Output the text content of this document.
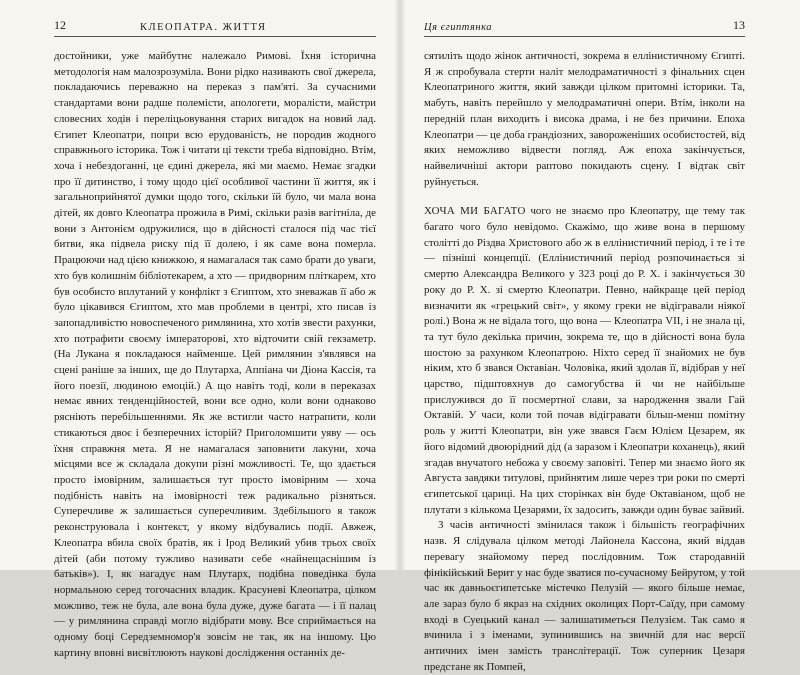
12	КЛЕОПАТРА. ЖИТТЯ

достойники, уже майбутнє належало Римові. Їхня історична методологія нам малозрозуміла. Вони рідко називають свої джерела, покладаючись переважно на переказ з пам'яті. За сучасними стандартами вони радше полемісти, апологети, моралісти, майстри словесних ходів і переліцьовування старих вигадок на новий лад. Єгипет Клеопатри, попри всю ерудованість, не породив жодного справжнього історика. Тож і читати ці тексти треба відповідно. Втім, хоча і небездоганні, це єдині джерела, які ми маємо. Немає згадки про її дитинство, і тому щодо цієї особливої частини її життя, як і загальноприйнятої думки щодо того, скільки їй було, чи мала вона дітей, як довго Клеопатра прожила в Римі, скільки разів вагітніла, де вони з Антонієм одружилися, що в дійсності сталося під час тієї битви, яка підвела риску під її долею, і як саме вона померла. Працюючи над цією книжкою, я намагалася так само брати до уваги, хто був колишнім бібліотекарем, а хто — придворним пліткарем, хто був особисто вплутаний у конфлікт з Єгиптом, хто зневажав її або ж було цікавився Єгиптом, хто мав проблеми в центрі, хто писав із запопадливістю новоспеченого римлянина, хто хотів звести рахунки, хто потрафити своєму імператорові, хто відточити свій гекзаметр. (На Лукана я покладаюся найменше. Цей римлянин з'являвся на сцені раніше за інших, ще до Плутарха, Аппіана чи Діона Кассія, та його поезії, людиною емоцій.) А що навіть тоді, коли в переказах немає явних тенденційностей, вони все одно, коли вони однаково рясніють перебільшеннями. Як же встигли часто натрапити, коли стикаються двоє і безперечних історій? Приголомшити уяву — ось їхня справжня мета. Я не намагалася заповнити лакуни, хоча місцями все ж складала докупи різні можливості. Те, що здається просто імовірним, залишається тут просто імовірним — хоча подібність навіть на імовірності теж радикально різняться. Суперечливе ж залишається суперечливим. Здебільшого я також реконструювала і контекст, у якому відбувались події. Авжеж, Клеопатра вбила своїх братів, як і Ірод Великий убив трьох своїх дітей (аби потому тужливо називати себе «найнещаснішим із батьків»). І, як нагадує нам Плутарх, подібна поведінка була нормальною серед тогочасних владик. Красуневі Клеопатра, цілком можливо, теж не була, але вона була дуже, дуже багата — і її палац — у римлянина справді могло відібрати мову. Все сприймається на одному боці Середземномор'я зовсім не так, як на іншому. Цю картину вповні висвітлюють наукові дослідження останніх де-

Ця єгиптянка	13

сятиліть щодо жінок античності, зокрема в еллінистичному Єгипті. Я ж спробувала стерти наліт мелодраматичності з фінальних сцен Клеопатриного життя, який завжди цілком притомні історики. Та, мабуть, навіть перейшло у мелодраматичні опери. Втім, інколи на передній план виходить і висока драма, і не без причини. Епоха Клеопатри — це доба грандіозних, завороженіших особистостей, від яких неможливо відвести погляд. Аж епоха закінчується, найвеличніші актори раптово покидають сцену. І відтак світ руйнується.

ХОЧА МИ БАГАТО чого не знаємо про Клеопатру, ще тему так багато чого було невідомо. Скажімо, що живе вона в першому столітті до Різдва Христового або ж в еллінистичний період, і те і те — пізніші концепції. (Еллінистичний період розпочинається зі смертю Александра Великого у 323 році до Р. Х. і закінчується 30 року до Р. Х. зі смертю Клеопатри. Певно, найкраще цей період визначити як «грецький світ», у якому греки не відігравали ніякої ролі.) Вона ж не відала того, що вона — Клеопатра VII, і не знала ці, та тут було декілька причин, зокрема те, що в дійсності вона була шостою за рахунком Клеопатрою. Ніхто серед її знайомих не був ніким, хто б звався Октавіан. Чоловіка, який здолав її, відібрав у неї царство, підштовхнув до самогубства й чи не найбільше прислужився до її посмертної слави, за народження звали Гай Октавій. У часи, коли той почав відігравати більш-менш помітну роль у житті Клеопатри, він уже звався Гаєм Юлієм Цезарем, як його відомий двоюрідний дід (а заразом і Клеопатри коханець), який згадав внучатого небожа у своєму заповіті. Тепер ми знаємо його як Августа завдяки титулові, прийнятим лише через три роки по смерті єгипетської цариці. На цих сторінках він буде Октавіаном, щоб не плутати з кількома Цезарями, їх задосить, завжди один буває зайвий.

3 часів античності змінилася також і більшість географічних назв. Я слідувала цілком методі Лайонела Кассона, який віддав перевагу знайомому перед послідовним. Тож стародавній фінікійський Берит у нас буде зватися по-сучасному Бейрутом, у той час як давньоєгипетське містечко Пелузій — якого більше немає, але зараз було б якраз на східних околицях Порт-Саїду, при самому вході в Суецький канал — залишатиметься Пелузієм. Так само я вчинила і з іменами, зупинившись на звичній для нас версії античних імен замість транслітерації. Тож суперник Цезаря предстане як Помпей,
